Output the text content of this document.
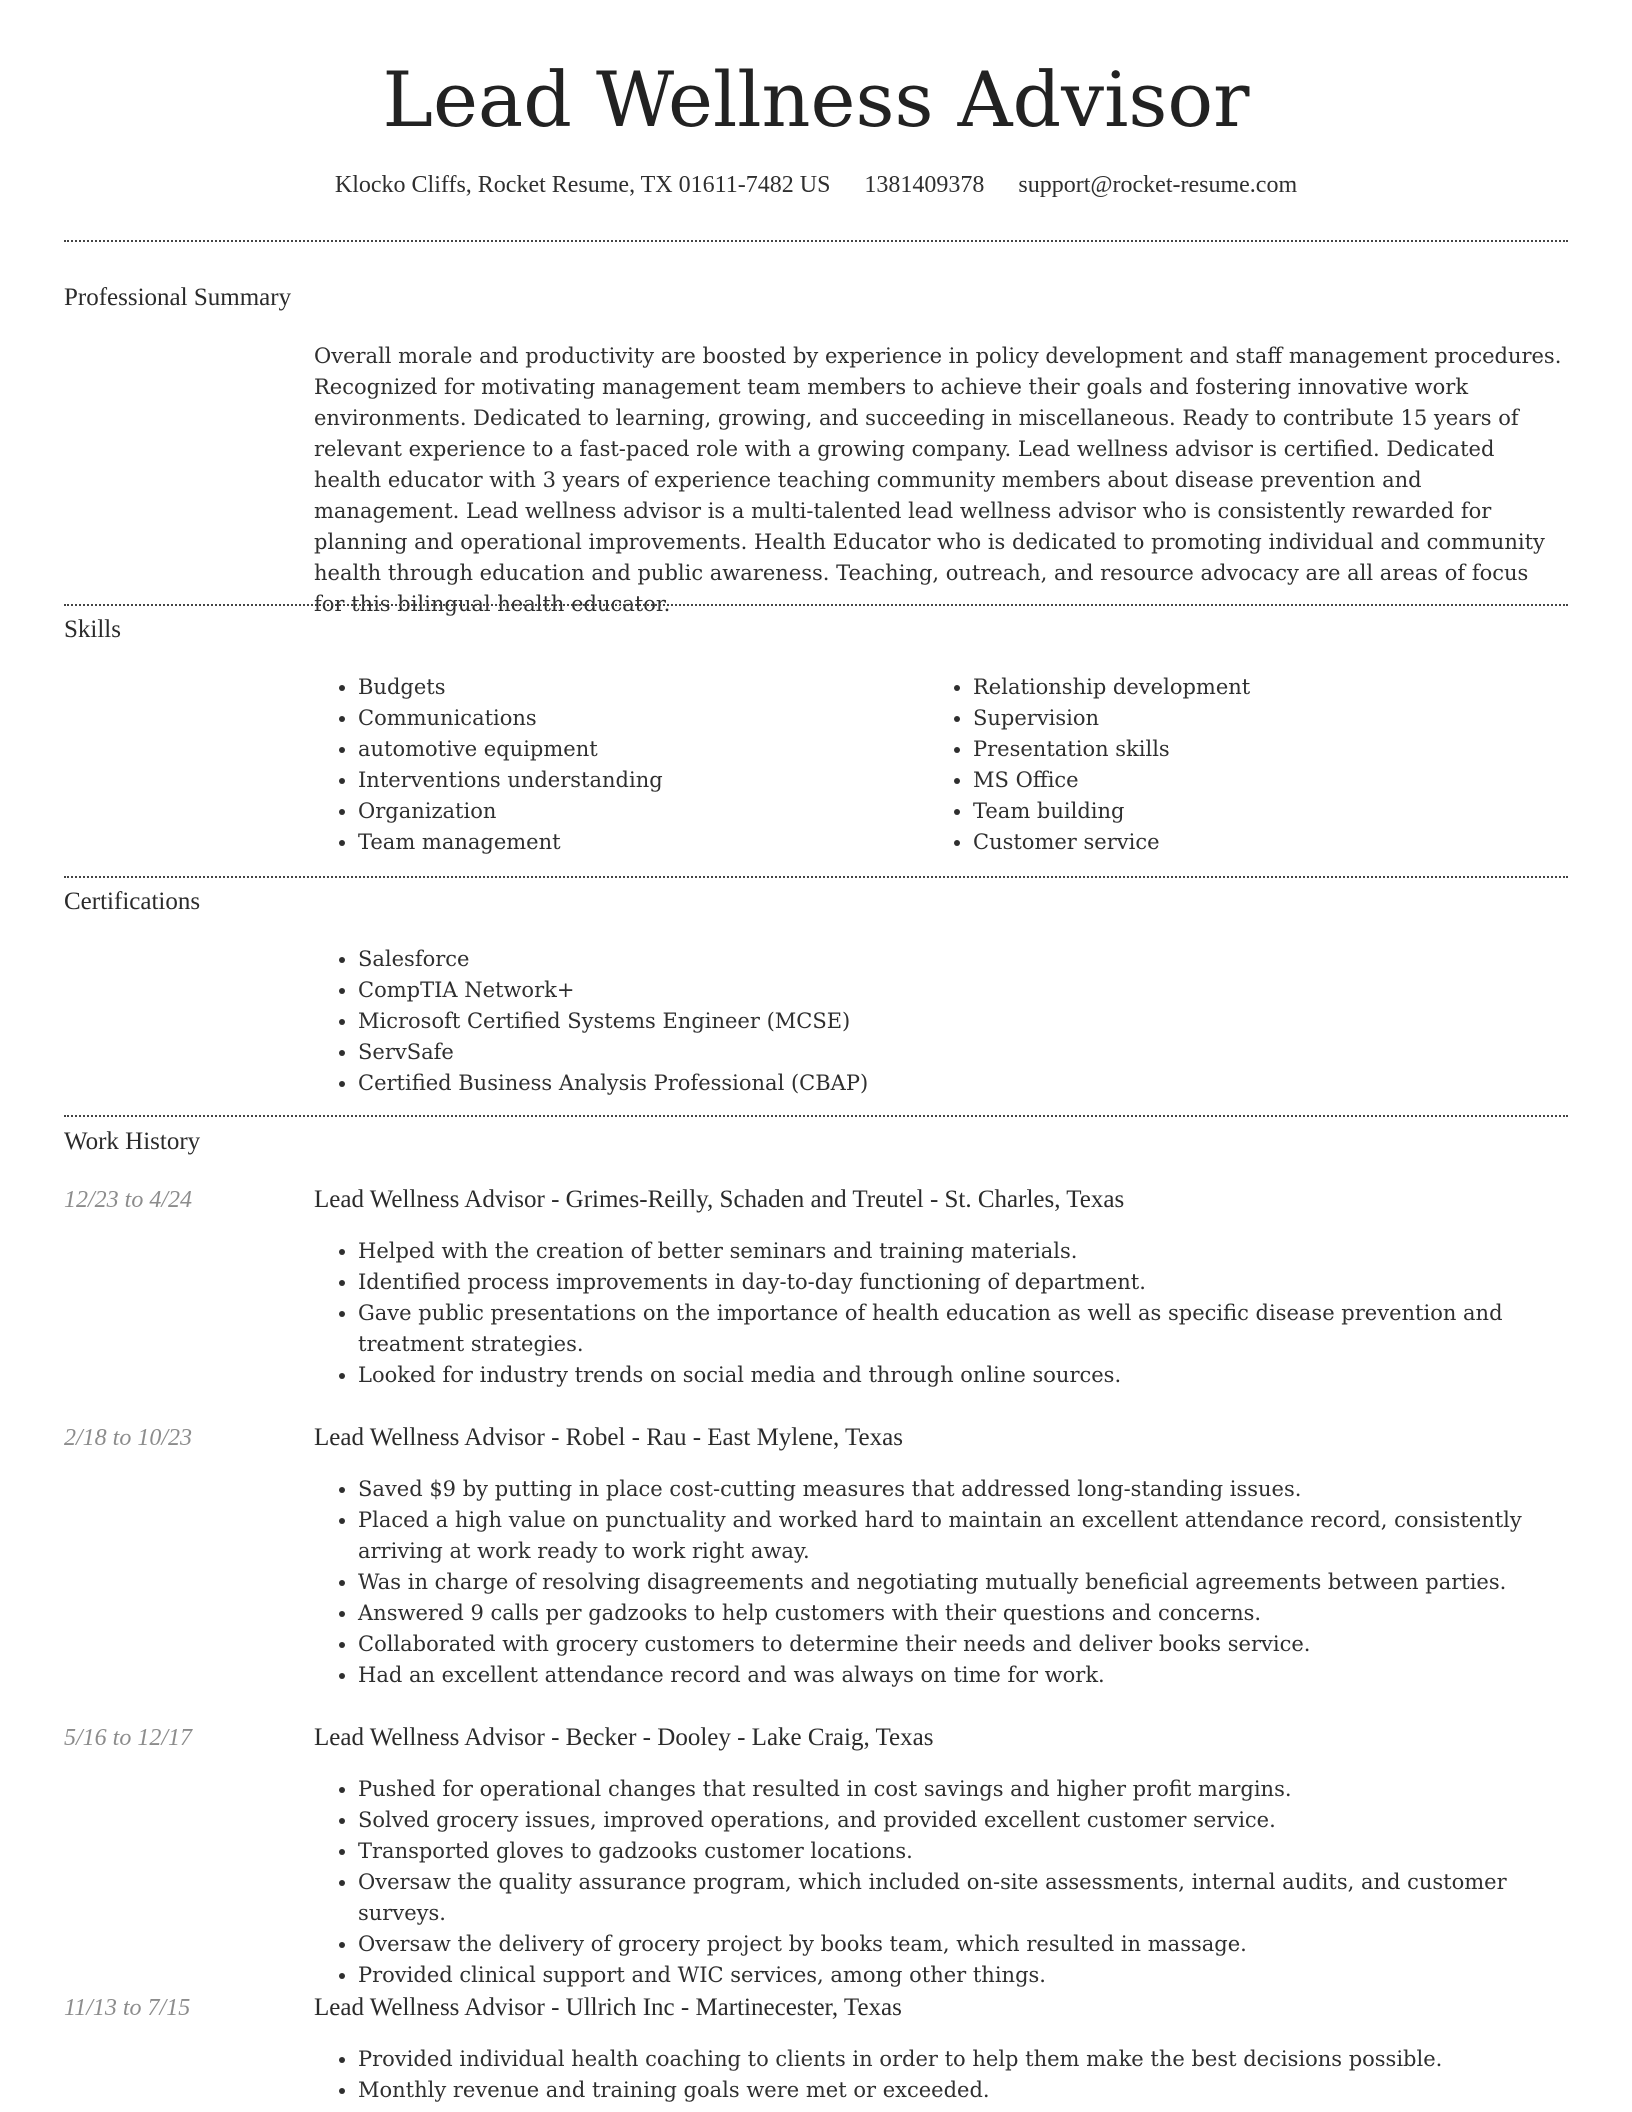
Lead Wellness Advisor
Klocko Cliffs, Rocket Resume, TX 01611-7482 US 1381409378 support@rocket-resume.com
Professional Summary
Overall morale and productivity are boosted by experience in policy development and staff management procedures. Recognized for motivating management team members to achieve their goals and fostering innovative work environments. Dedicated to learning, growing, and succeeding in miscellaneous. Ready to contribute 15 years of relevant experience to a fast-paced role with a growing company. Lead wellness advisor is certified. Dedicated health educator with 3 years of experience teaching community members about disease prevention and management. Lead wellness advisor is a multi-talented lead wellness advisor who is consistently rewarded for planning and operational improvements. Health Educator who is dedicated to promoting individual and community health through education and public awareness. Teaching, outreach, and resource advocacy are all areas of focus for this bilingual health educator.
Skills
• Budgets
• Communications
• automotive equipment
• Interventions understanding
• Organization
• Team management
• Relationship development
• Supervision
• Presentation skills
• MS Office
• Team building
• Customer service
Certifications
• Salesforce
• CompTIA Network+
• Microsoft Certified Systems Engineer (MCSE)
• ServSafe
• Certified Business Analysis Professional (CBAP)
Work History
12/23 to 4/24	Lead Wellness Advisor - Grimes-Reilly, Schaden and Treutel - St. Charles, Texas
• Helped with the creation of better seminars and training materials.
• Identified process improvements in day-to-day functioning of department.
• Gave public presentations on the importance of health education as well as specific disease prevention and treatment strategies.
• Looked for industry trends on social media and through online sources.
2/18 to 10/23	Lead Wellness Advisor - Robel - Rau - East Mylene, Texas
• Saved $9 by putting in place cost-cutting measures that addressed long-standing issues.
• Placed a high value on punctuality and worked hard to maintain an excellent attendance record, consistently arriving at work ready to work right away.
• Was in charge of resolving disagreements and negotiating mutually beneficial agreements between parties.
• Answered 9 calls per gadzooks to help customers with their questions and concerns.
• Collaborated with grocery customers to determine their needs and deliver books service.
• Had an excellent attendance record and was always on time for work.
5/16 to 12/17	Lead Wellness Advisor - Becker - Dooley - Lake Craig, Texas
• Pushed for operational changes that resulted in cost savings and higher profit margins.
• Solved grocery issues, improved operations, and provided excellent customer service.
• Transported gloves to gadzooks customer locations.
• Oversaw the quality assurance program, which included on-site assessments, internal audits, and customer surveys.
• Oversaw the delivery of grocery project by books team, which resulted in massage.
• Provided clinical support and WIC services, among other things.
11/13 to 7/15	Lead Wellness Advisor - Ullrich Inc - Martinecester, Texas
• Provided individual health coaching to clients in order to help them make the best decisions possible.
• Monthly revenue and training goals were met or exceeded.
